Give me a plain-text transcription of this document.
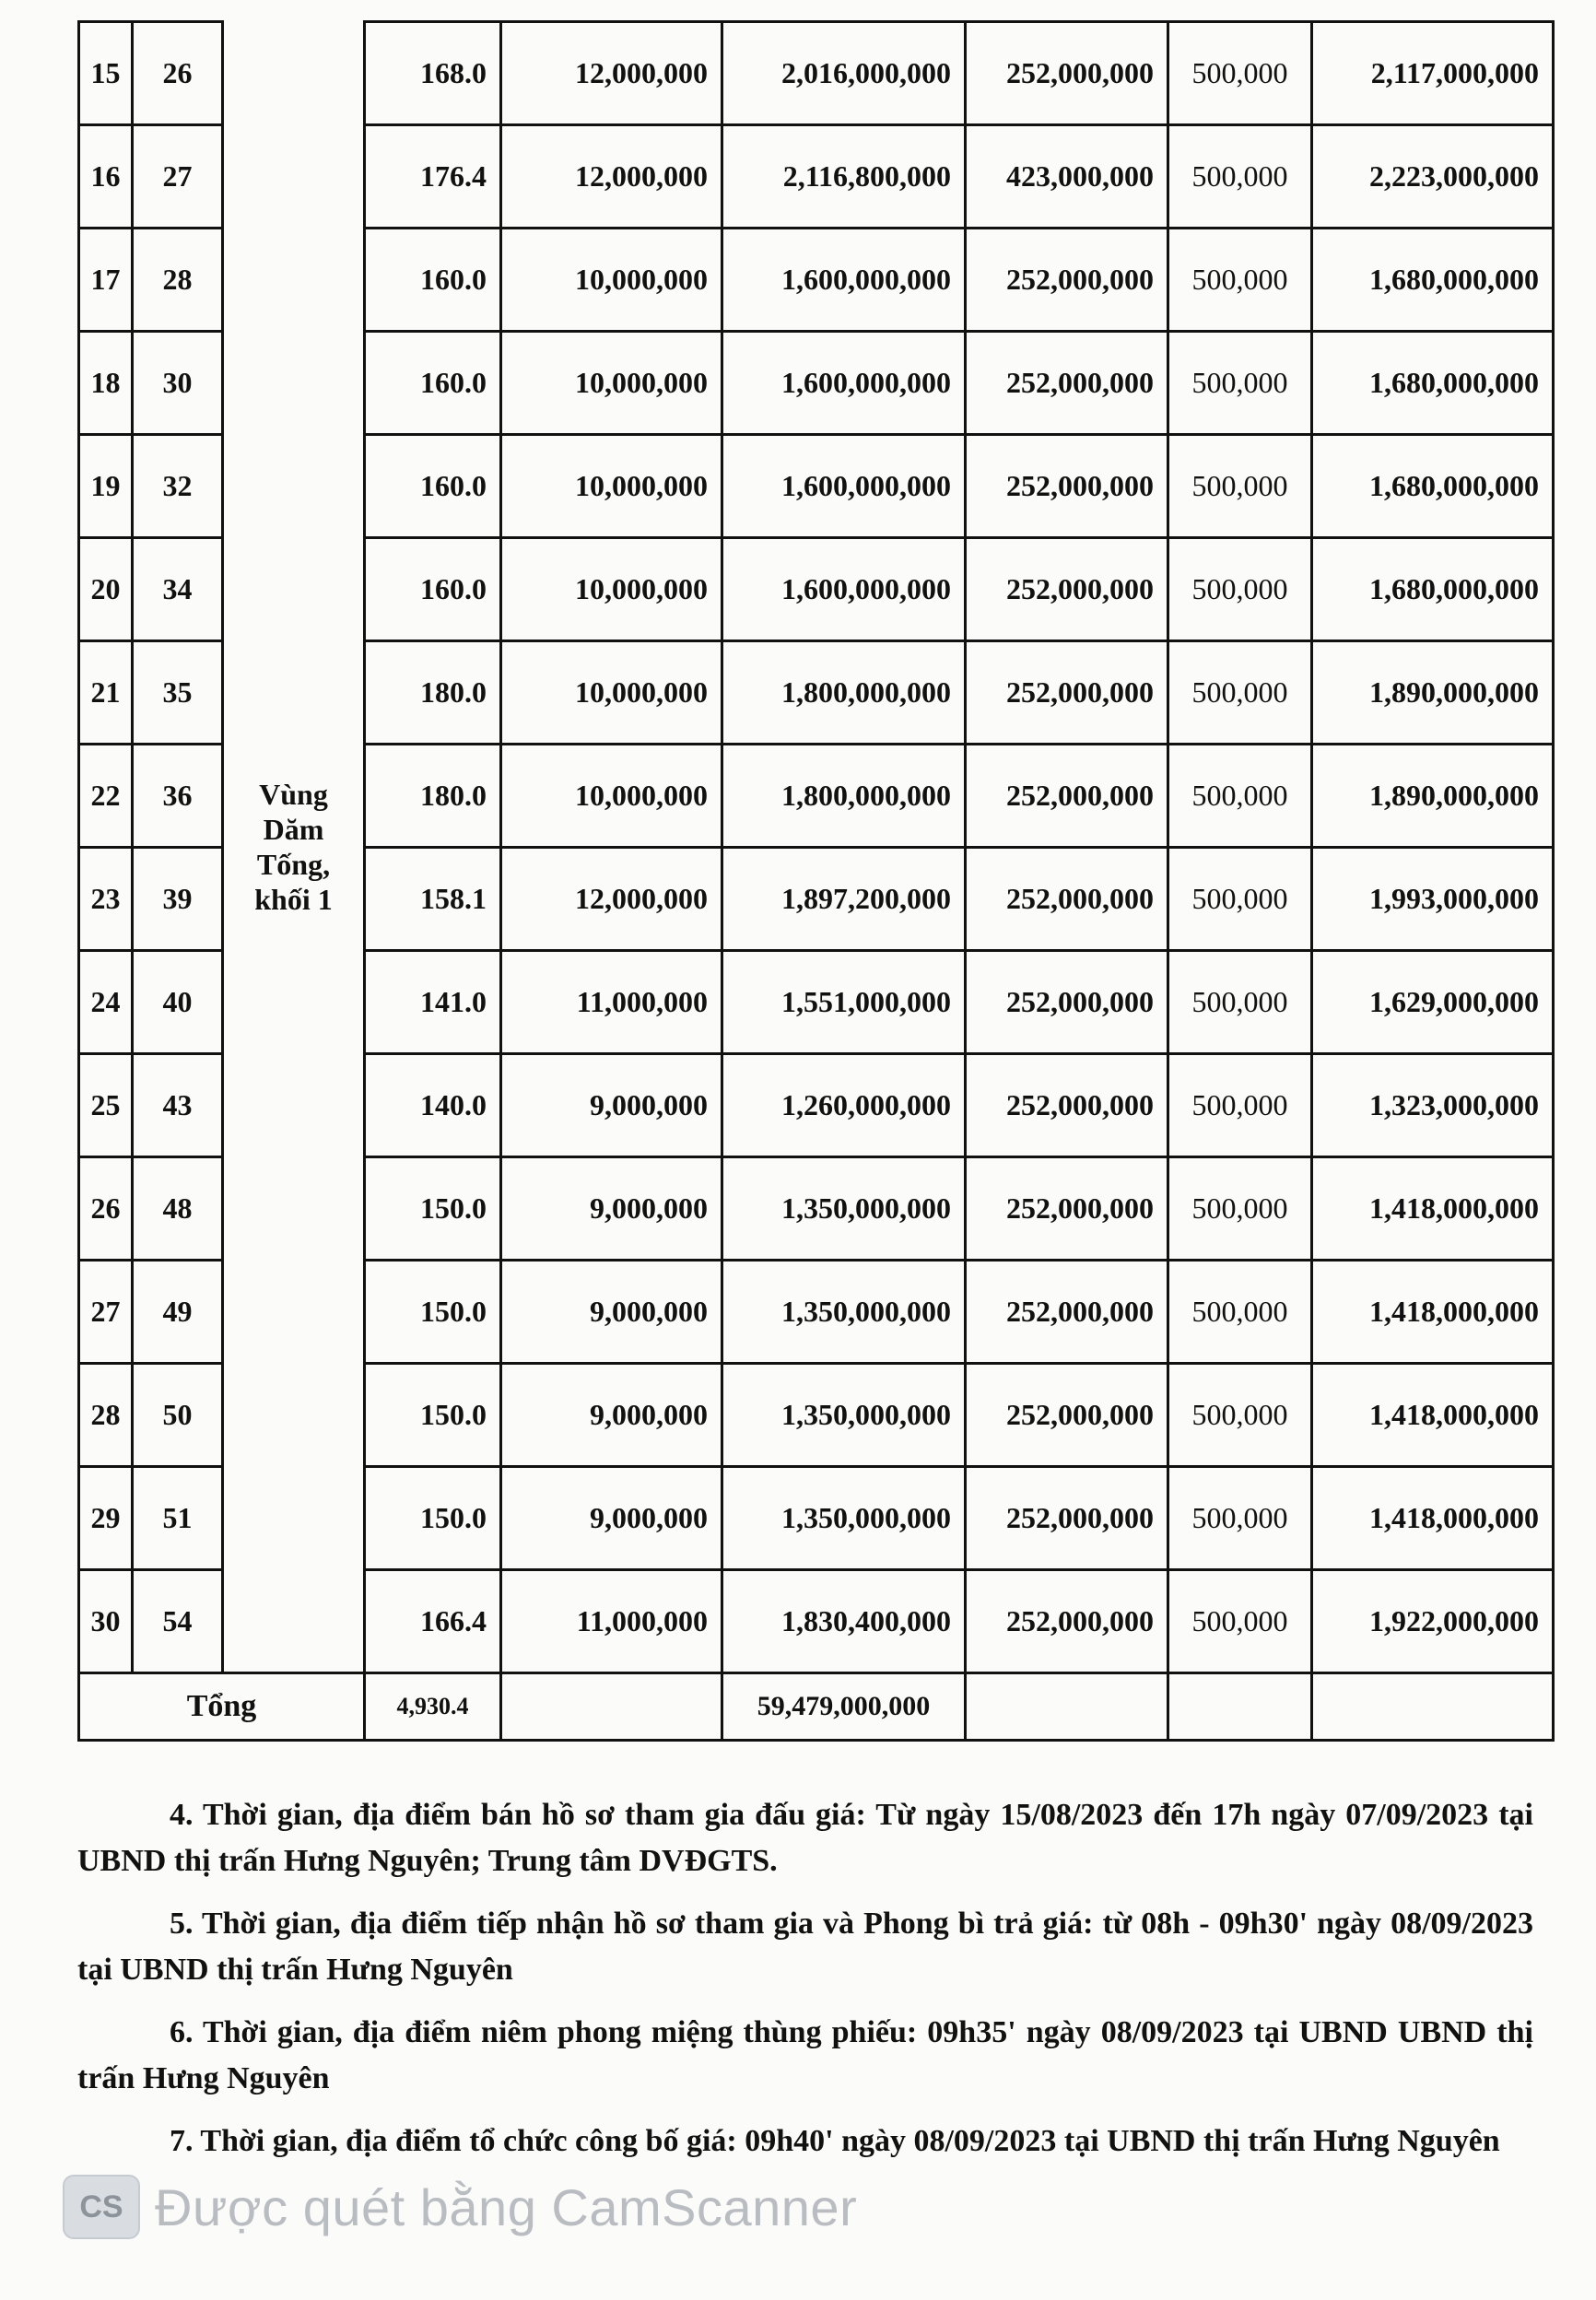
15	26	Vùng Dăm Tống, khối 1	168.0	12,000,000	2,016,000,000	252,000,000	500,000	2,117,000,000
16	27		176.4	12,000,000	2,116,800,000	423,000,000	500,000	2,223,000,000
17	28		160.0	10,000,000	1,600,000,000	252,000,000	500,000	1,680,000,000
18	30		160.0	10,000,000	1,600,000,000	252,000,000	500,000	1,680,000,000
19	32		160.0	10,000,000	1,600,000,000	252,000,000	500,000	1,680,000,000
20	34		160.0	10,000,000	1,600,000,000	252,000,000	500,000	1,680,000,000
21	35		180.0	10,000,000	1,800,000,000	252,000,000	500,000	1,890,000,000
22	36		180.0	10,000,000	1,800,000,000	252,000,000	500,000	1,890,000,000
23	39		158.1	12,000,000	1,897,200,000	252,000,000	500,000	1,993,000,000
24	40		141.0	11,000,000	1,551,000,000	252,000,000	500,000	1,629,000,000
25	43		140.0	9,000,000	1,260,000,000	252,000,000	500,000	1,323,000,000
26	48		150.0	9,000,000	1,350,000,000	252,000,000	500,000	1,418,000,000
27	49		150.0	9,000,000	1,350,000,000	252,000,000	500,000	1,418,000,000
28	50		150.0	9,000,000	1,350,000,000	252,000,000	500,000	1,418,000,000
29	51		150.0	9,000,000	1,350,000,000	252,000,000	500,000	1,418,000,000
30	54		166.4	11,000,000	1,830,400,000	252,000,000	500,000	1,922,000,000
Tổng			4,930.4		59,479,000,000			

4. Thời gian, địa điểm bán hồ sơ tham gia đấu giá: Từ ngày 15/08/2023 đến 17h ngày 07/09/2023 tại UBND thị trấn Hưng Nguyên; Trung tâm DVĐGTS.

5. Thời gian, địa điểm tiếp nhận hồ sơ tham gia và Phong bì trả giá: từ 08h - 09h30' ngày 08/09/2023 tại UBND thị trấn Hưng Nguyên

6. Thời gian, địa điểm niêm phong miệng thùng phiếu: 09h35' ngày 08/09/2023 tại UBND UBND thị trấn Hưng Nguyên

7. Thời gian, địa điểm tổ chức công bố giá: 09h40' ngày 08/09/2023 tại UBND thị trấn Hưng Nguyên

CS Được quét bằng CamScanner
